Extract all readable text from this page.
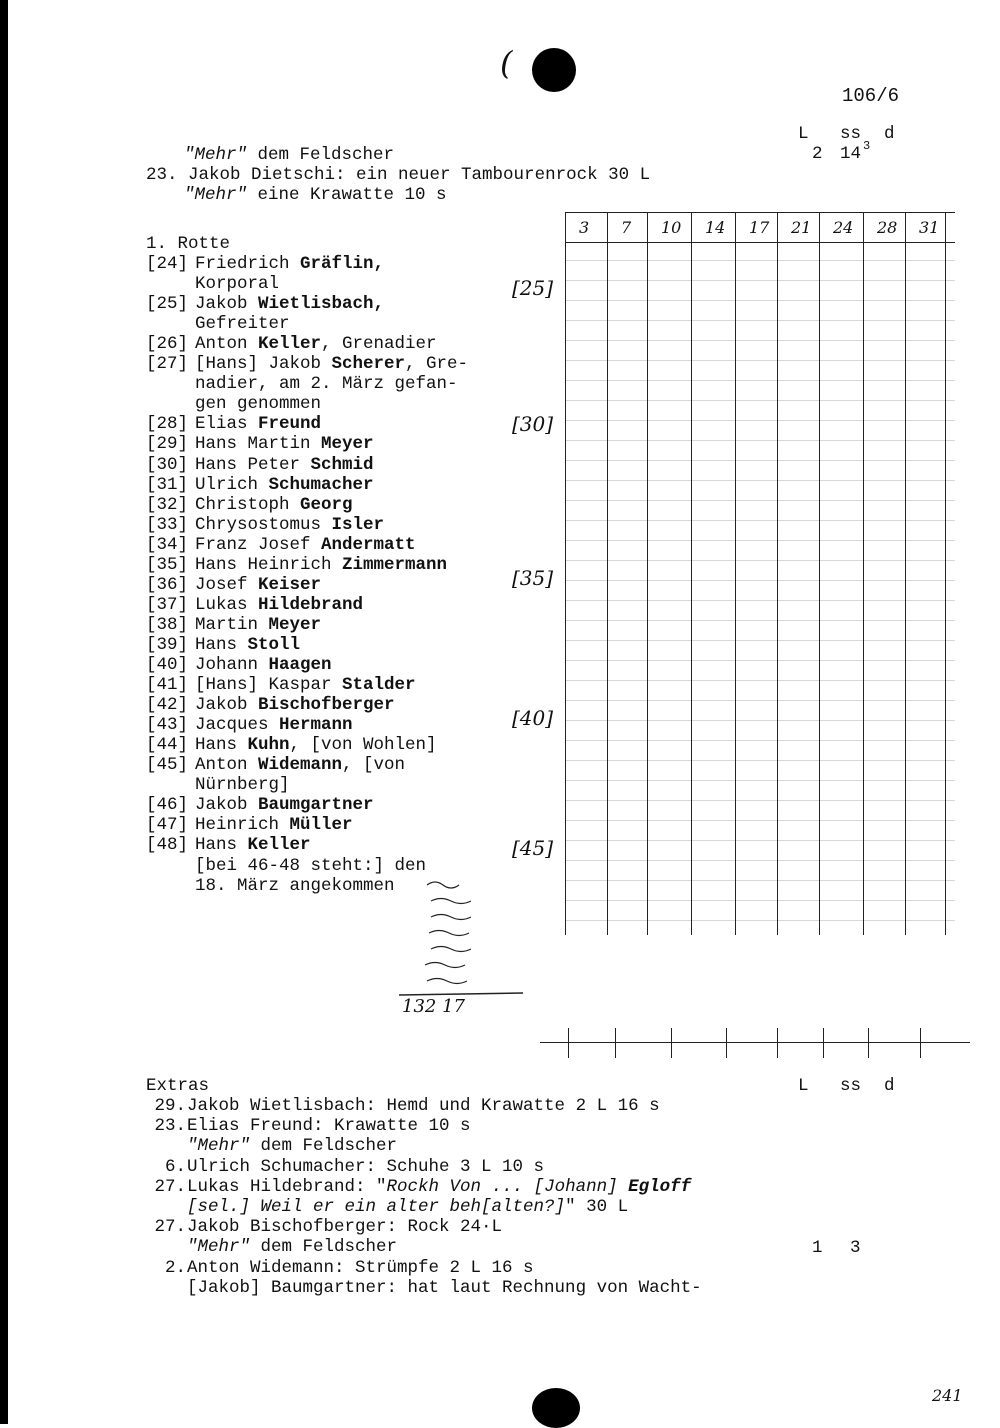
(
106/6
L ss d
2 14 3
"Mehr" dem Feldscher
23. Jakob Dietschi: ein neuer Tambourenrock 30 L
"Mehr" eine Krawatte 10 s
1. Rotte
[24] Friedrich Gräflin,
Korporal
[25] Jakob Wietlisbach,
Gefreiter
[26] Anton Keller, Grenadier
[27] [Hans] Jakob Scherer, Gre-
nadier, am 2. März gefan-
gen genommen
[28] Elias Freund
[29] Hans Martin Meyer
[30] Hans Peter Schmid
[31] Ulrich Schumacher
[32] Christoph Georg
[33] Chrysostomus Isler
[34] Franz Josef Andermatt
[35] Hans Heinrich Zimmermann
[36] Josef Keiser
[37] Lukas Hildebrand
[38] Martin Meyer
[39] Hans Stoll
[40] Johann Haagen
[41] [Hans] Kaspar Stalder
[42] Jakob Bischofberger
[43] Jacques Hermann
[44] Hans Kuhn, [von Wohlen]
[45] Anton Widemann, [von
Nürnberg]
[46] Jakob Baumgartner
[47] Heinrich Müller
[48] Hans Keller
[bei 46-48 steht:] den
18. März angekommen
[25]
[30]
[35]
[40]
[45]
3 7 10 14 17 21 24 28 31
132 17
Extras	L ss d
29.Jakob Wietlisbach: Hemd und Krawatte 2 L 16 s
23.Elias Freund: Krawatte 10 s
"Mehr" dem Feldscher
6.Ulrich Schumacher: Schuhe 3 L 10 s
27.Lukas Hildebrand: "Rockh Von ... [Johann] Egloff
[sel.] Weil er ein alter beh[alten?]" 30 L
27.Jakob Bischofberger: Rock 24·L
"Mehr" dem Feldscher
2.Anton Widemann: Strümpfe 2 L 16 s
[Jakob] Baumgartner: hat laut Rechnung von Wacht-
1 3
241
